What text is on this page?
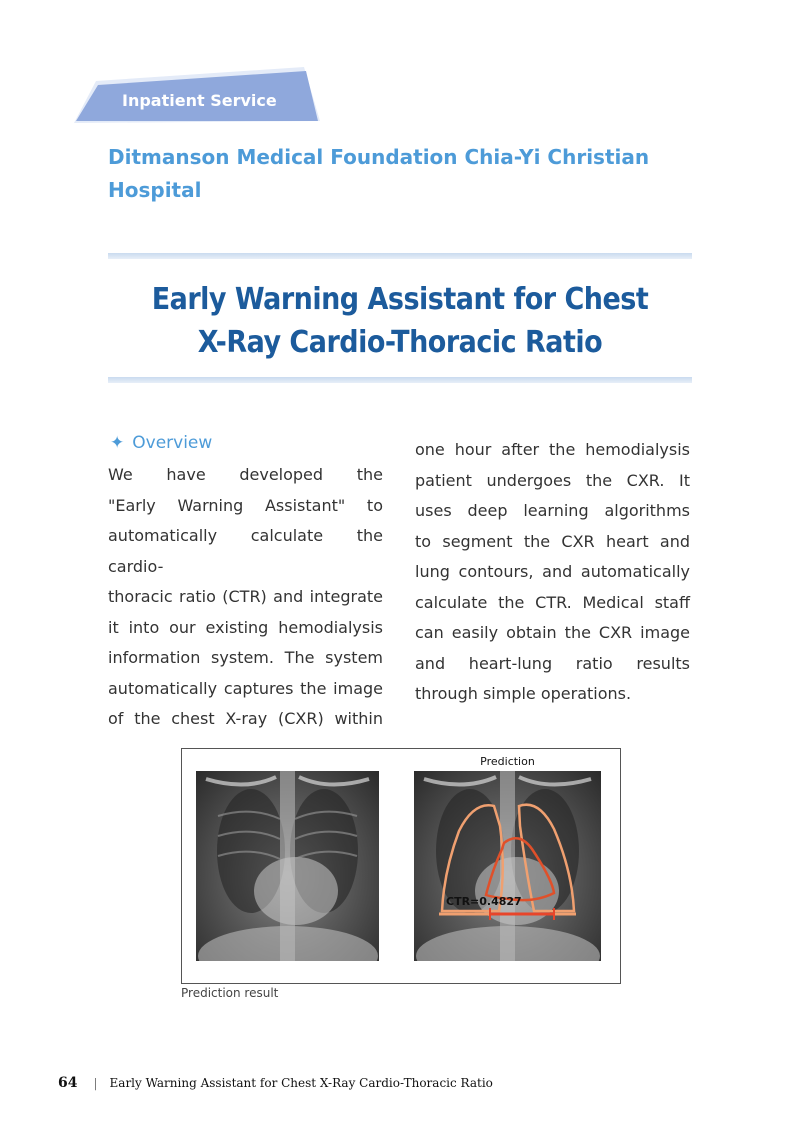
Inpatient Service
Ditmanson Medical Foundation Chia-Yi Christian Hospital
Early Warning Assistant for Chest
X-Ray Cardio-Thoracic Ratio
✦ Overview
We have developed the
"Early Warning Assistant" to
automatically calculate the cardio-
thoracic ratio (CTR) and integrate
it into our existing hemodialysis
information system. The system
automatically captures the image
of the chest X-ray (CXR) within
one hour after the hemodialysis
patient undergoes the CXR. It
uses deep learning algorithms
to segment the CXR heart and
lung contours, and automatically
calculate the CTR. Medical staff
can easily obtain the CXR image
and heart-lung ratio results
through simple operations.
Prediction
CTR=0.4827
Prediction result
64 | Early Warning Assistant for Chest X-Ray Cardio-Thoracic Ratio
